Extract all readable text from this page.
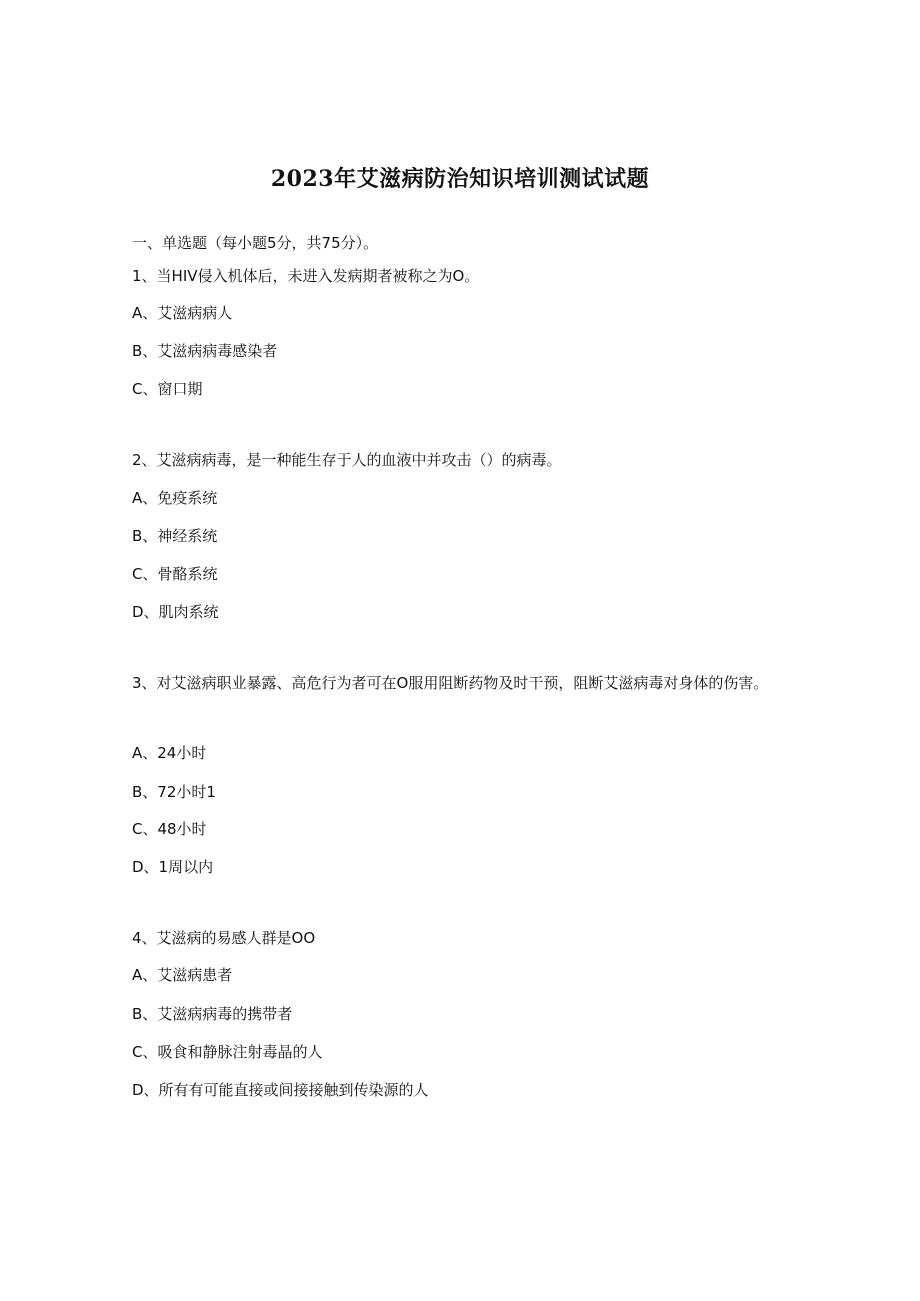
2023年艾滋病防治知识培训测试试题
一、单选题（每小题5分，共75分）。
1、当HIV侵入机体后，未进入发病期者被称之为O。
A、艾滋病病人
B、艾滋病病毒感染者
C、窗口期
2、艾滋病病毒，是一种能生存于人的血液中并攻击（）的病毒。
A、免疫系统
B、神经系统
C、骨酪系统
D、肌肉系统
3、对艾滋病职业暴露、高危行为者可在O服用阻断药物及时干预，阻断艾滋病毒对身体的伤害。
A、24小时
B、72小时1
C、48小时
D、1周以内
4、艾滋病的易感人群是OO
A、艾滋病患者
B、艾滋病病毒的携带者
C、吸食和静脉注射毒晶的人
D、所有有可能直接或间接接触到传染源的人
